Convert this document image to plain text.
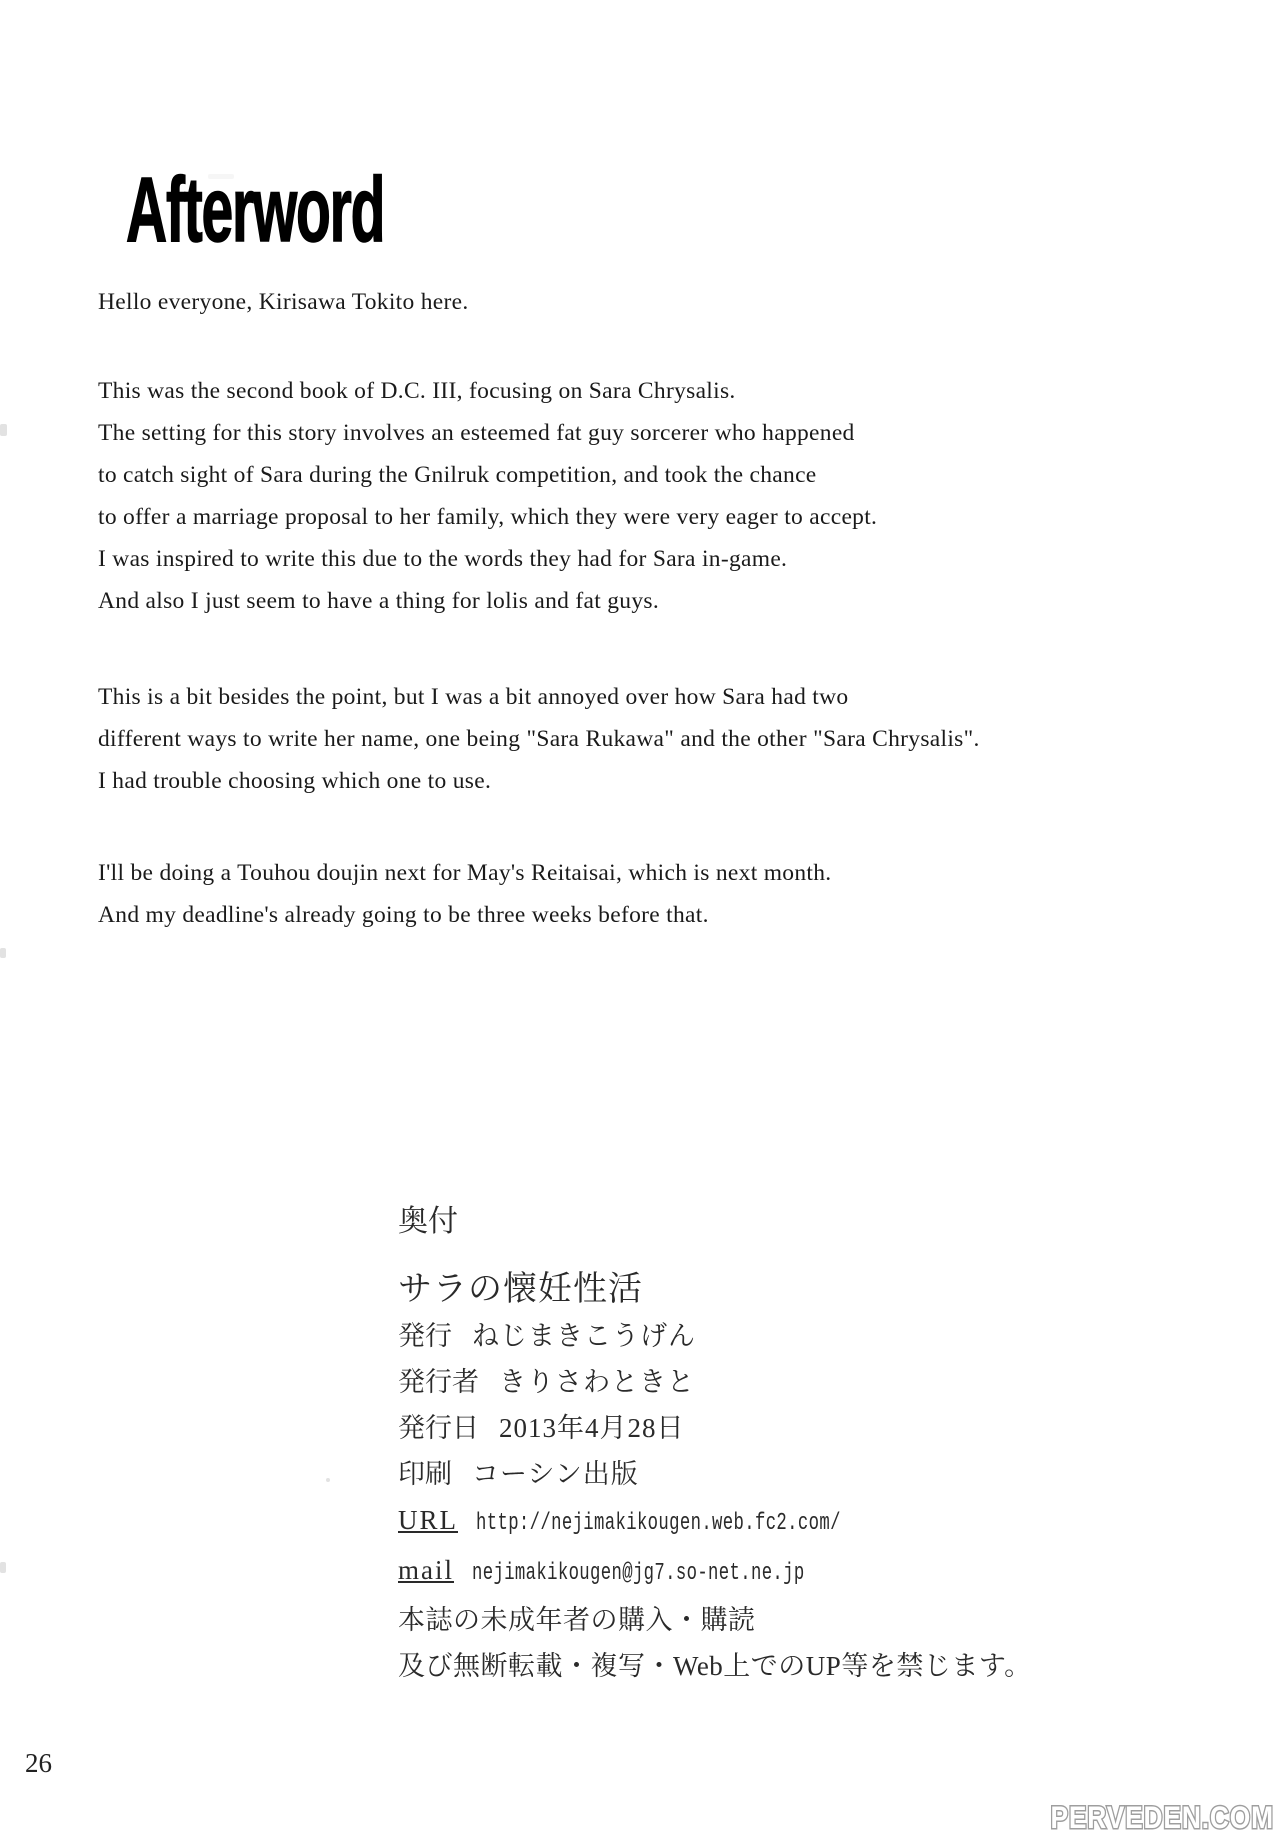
Afterword

Hello everyone, Kirisawa Tokito here.

This was the second book of D.C. III, focusing on Sara Chrysalis.
The setting for this story involves an esteemed fat guy sorcerer who happened
to catch sight of Sara during the Gnilruk competition, and took the chance
to offer a marriage proposal to her family, which they were very eager to accept.
I was inspired to write this due to the words they had for Sara in-game.
And also I just seem to have a thing for lolis and fat guys.

This is a bit besides the point, but I was a bit annoyed over how Sara had two
different ways to write her name, one being "Sara Rukawa" and the other "Sara Chrysalis".
I had trouble choosing which one to use.

I'll be doing a Touhou doujin next for May's Reitaisai, which is next month.
And my deadline's already going to be three weeks before that.

奥付
サラの懐妊性活
発行 ねじまきこうげん
発行者 きりさわときと
発行日 2013年4月28日
印刷 コーシン出版
URL http://nejimakikougen.web.fc2.com/
mail nejimakikougen@jg7.so-net.ne.jp
本誌の未成年者の購入・購読
及び無断転載・複写・Web上でのUP等を禁じます。
26
PERVEDEN.COM
